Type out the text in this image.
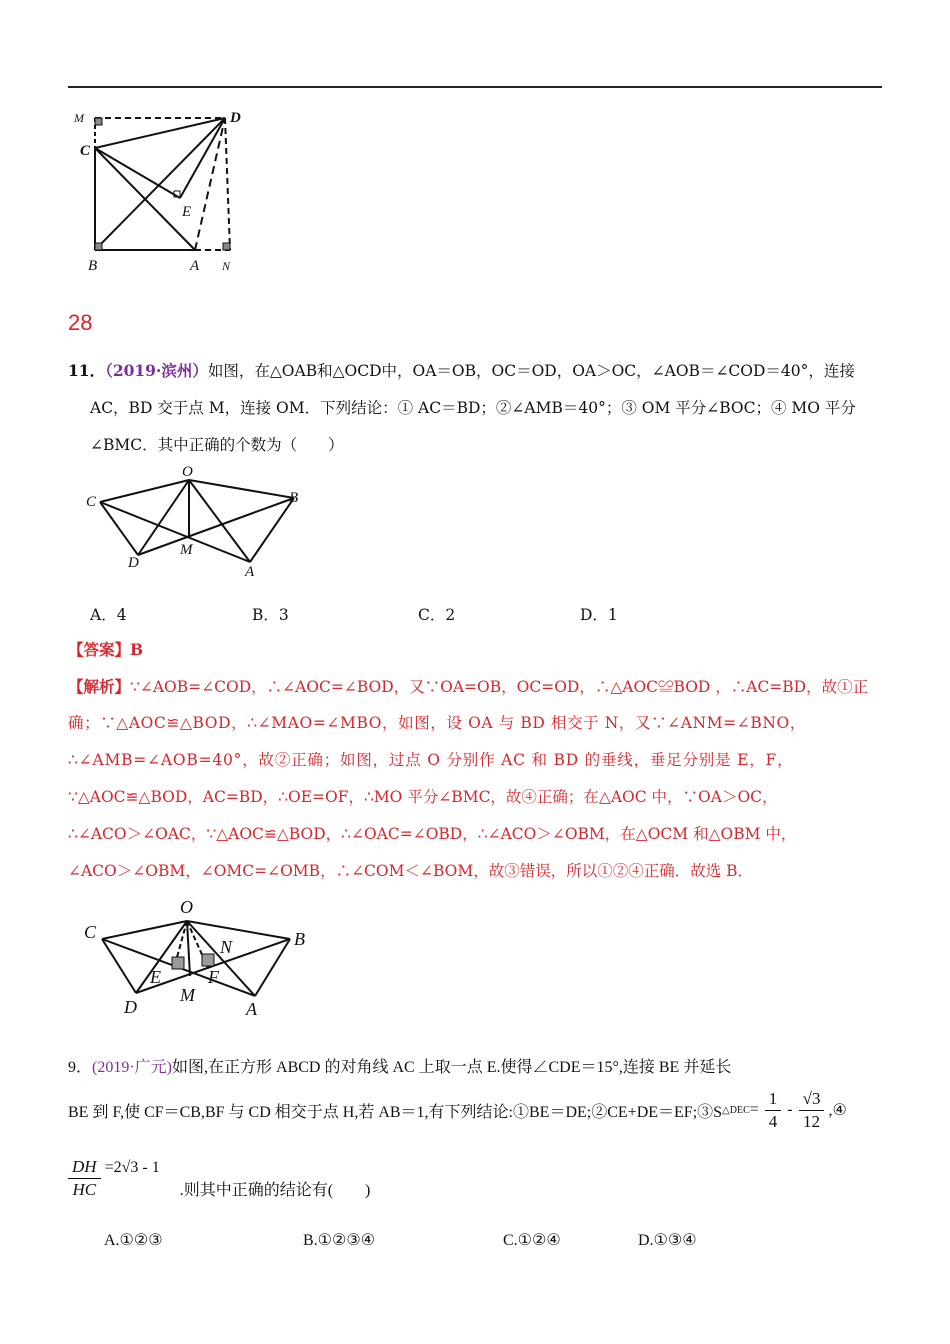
M	D
C
E
B	A N
28
11．（2019·滨州）如图，在△OAB和△OCD中，OA＝OB，OC＝OD，OA＞OC，∠AOB＝∠COD＝40°，连接
AC，BD 交于点 M，连接 OM．下列结论：① AC＝BD；②∠AMB＝40°；③ OM 平分∠BOC；④ MO 平分
∠BMC．其中正确的个数为（　　）
O
C	B
D
M
A
A．4	B．3	C．2	D．1
【答案】B
【解析】∵∠AOB=∠COD，∴∠AOC=∠BOD，又∵OA=OB，OC=OD，∴△AOC≌BOD ，∴AC=BD，故①正
确；∵△AOC≌△BOD，∴∠MAO=∠MBO，如图，设 OA 与 BD 相交于 N，又∵∠ANM=∠BNO，
∴∠AMB=∠AOB=40°，故②正确；如图，过点 O 分别作 AC 和 BD 的垂线，垂足分别是 E，F，
∵△AOC≌△BOD，AC=BD，∴OE=OF，∴MO 平分∠BMC，故④正确；在△AOC 中，∵OA＞OC，
∴∠ACO＞∠OAC，∵△AOC≌△BOD，∴∠OAC=∠OBD，∴∠ACO＞∠OBM，在△OCM 和△OBM 中，
∠ACO＞∠OBM，∠OMC=∠OMB，∴∠COM＜∠BOM，故③错误，所以①②④正确．故选 B．
O
C	B
N
E	F
M
D	A
9．(2019·广元)如图,在正方形 ABCD 的对角线 AC 上取一点 E.使得∠CDE＝15°,连接 BE 并延长
BE 到 F,使 CF＝CB,BF 与 CD 相交于点 H,若 AB＝1,有下列结论:①BE＝DE;②CE+DE＝EF;③S △DEC = $\frac{1}{4} - \frac{√3}{12}$ ,④
$\frac{DH}{HC} =2√3 - 1$
.则其中正确的结论有(　　)
A.①②③	B.①②③④	C.①②④	D.①③④
